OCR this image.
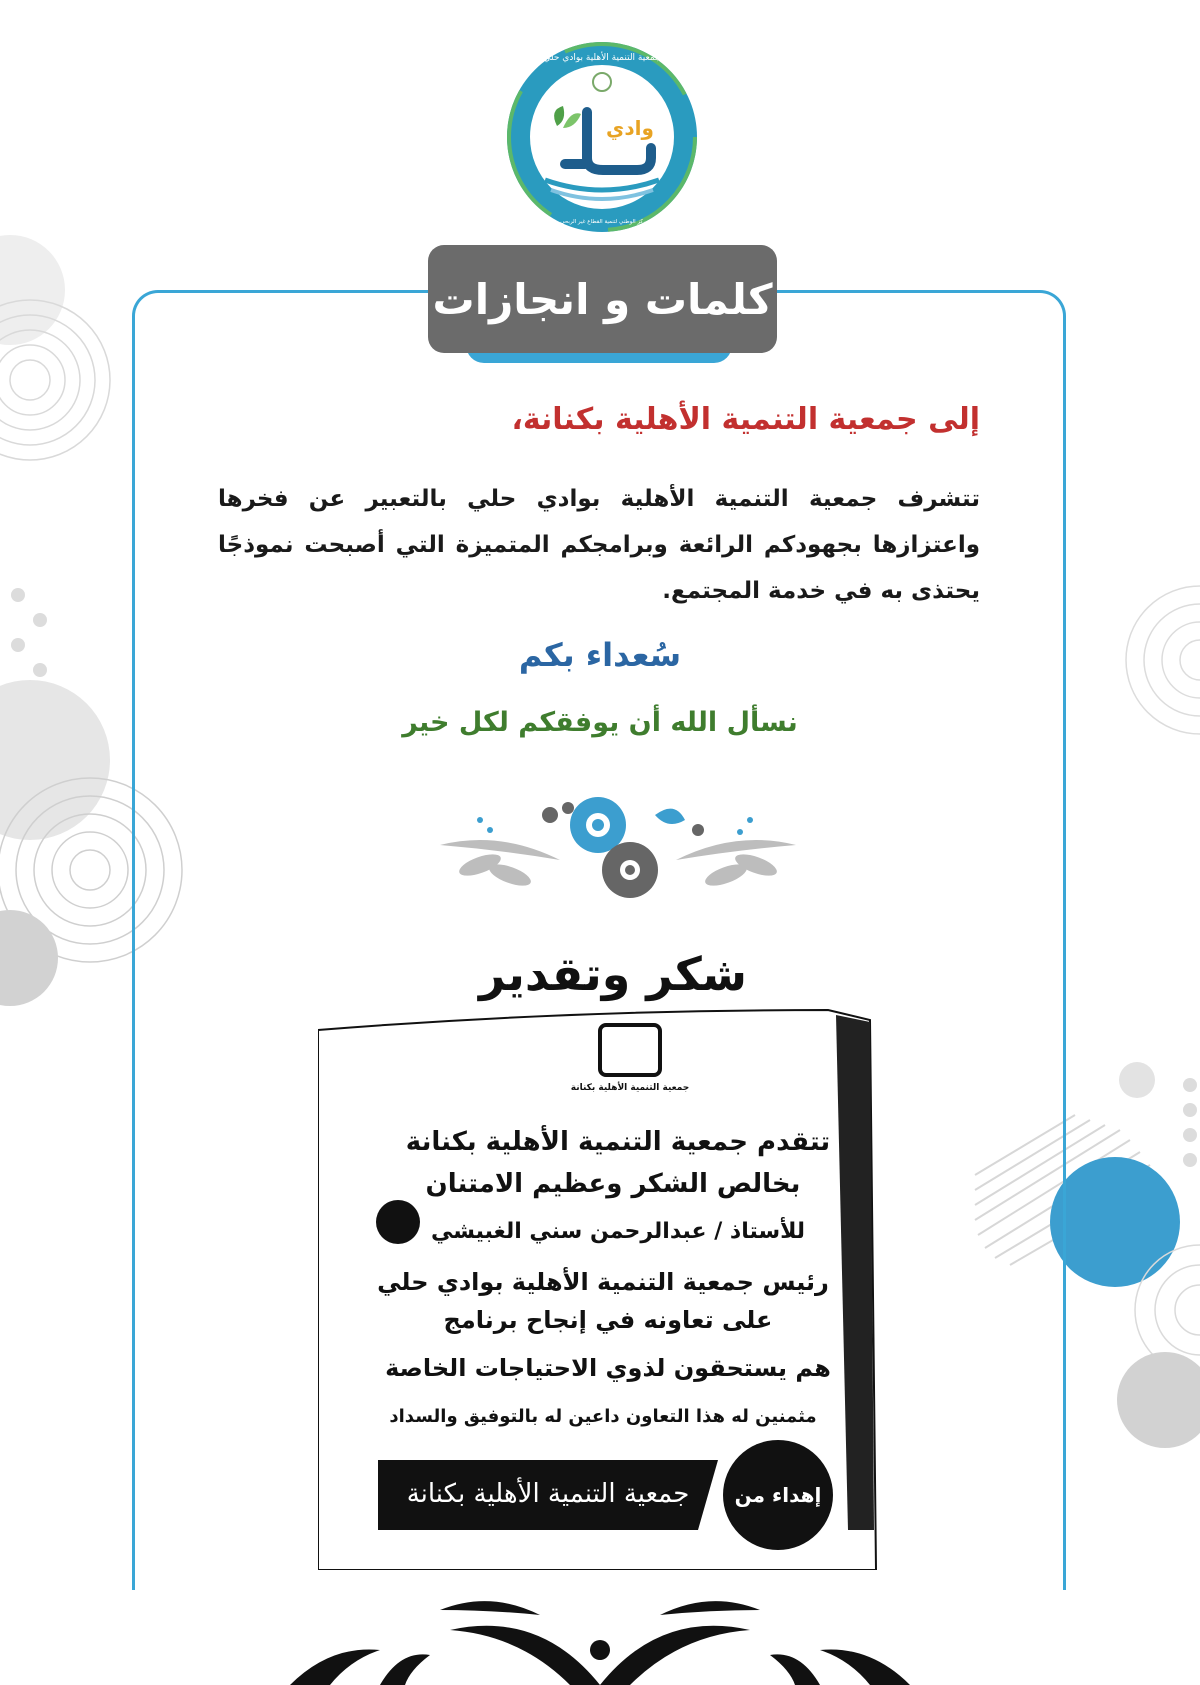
وادي
جمعية التنمية الأهلية بوادي حلي
مسجلة بالمركز الوطني لتنمية القطاع غير الربحي برقم 4267
كلمات و انجازات
إلى جمعية التنمية الأهلية بكنانة،
تتشرف جمعية التنمية الأهلية بوادي حلي بالتعبير عن فخرها واعتزازها بجهودكم الرائعة وبرامجكم المتميزة التي أصبحت نموذجًا يحتذى به في خدمة المجتمع.
سُعداء بكم
نسأل الله أن يوفقكم لكل خير
شكر وتقدير
جمعية التنمية الأهلية بكنانة
تتقدم جمعية التنمية الأهلية بكنانة
بخالص الشكر وعظيم الامتنان
للأستاذ / عبدالرحمن سني الغبيشي
رئيس جمعية التنمية الأهلية بوادي حلي
على تعاونه في إنجاح برنامج
هم يستحقون لذوي الاحتياجات الخاصة
مثمنين له هذا التعاون داعين له بالتوفيق والسداد
جمعية التنمية الأهلية بكنانة إهداء من
